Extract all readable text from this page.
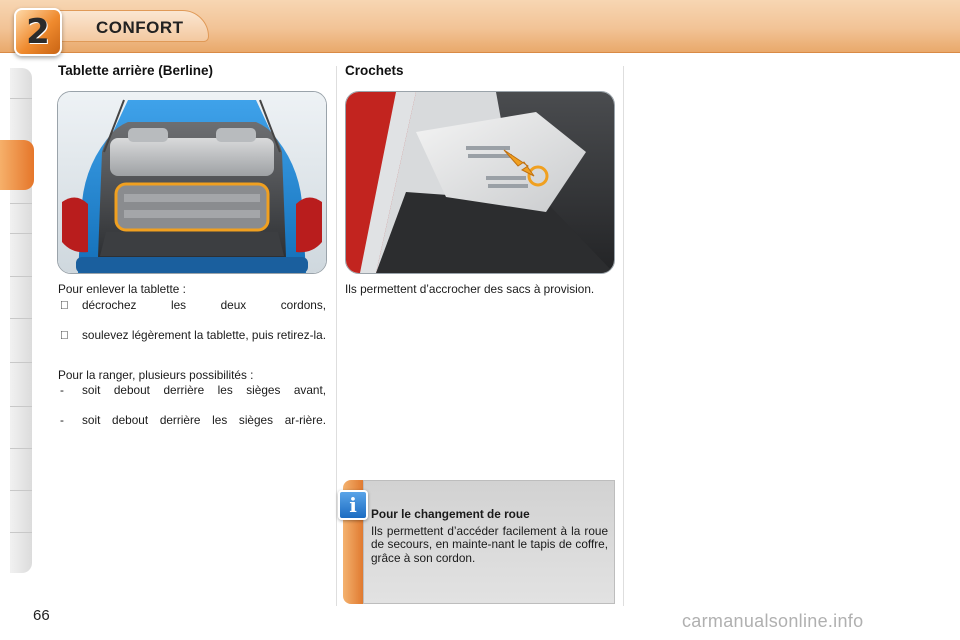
2	CONFORT
Tablette arrière (Berline)

Pour enlever la tablette :

décrochez les deux cordons,
soulevez légèrement la tablette, puis retirez-la.

Pour la ranger, plusieurs possibilités :

-	soit debout derrière les sièges avant,
-	soit debout derrière les sièges ar-rière.
Crochets
Ils permettent d’accrocher des sacs à provision.
i	Pour le changement de roue
Ils permettent d’accéder facilement à la roue de secours, en mainte-nant le tapis de coffre, grâce à son cordon.
66	carmanualsonline.info
